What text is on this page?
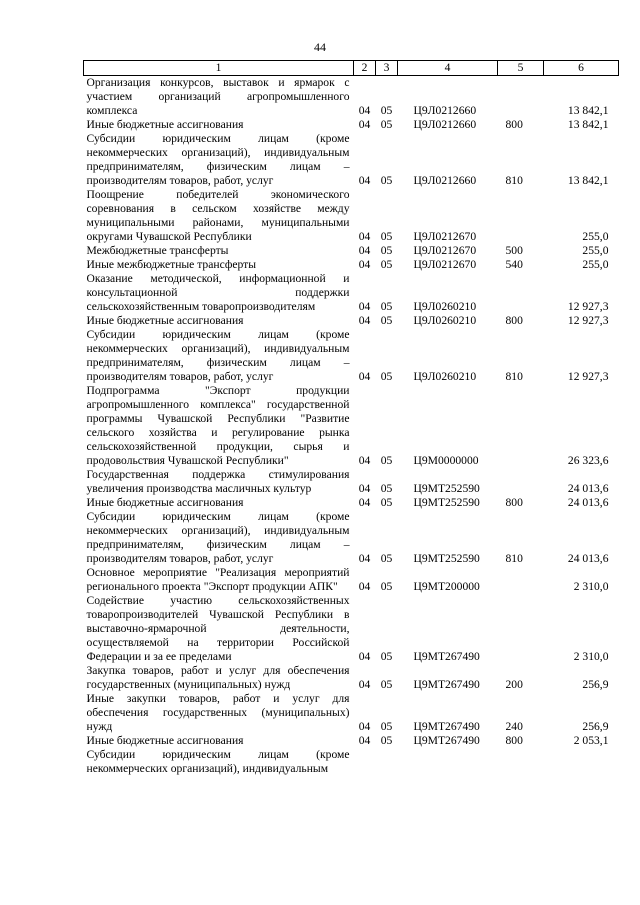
44
1	2	3	4	5	6
Организация конкурсов, выставок и ярмарок с участием организаций агропромышленного комплекса	04	05	Ц9Л0212660		13 842,1
Иные бюджетные ассигнования	04	05	Ц9Л0212660	800	13 842,1
Субсидии юридическим лицам (кроме некоммерческих организаций), индивидуальным предпринимателям, физическим лицам – производителям товаров, работ, услуг	04	05	Ц9Л0212660	810	13 842,1
Поощрение победителей экономического соревнования в сельском хозяйстве между муниципальными районами, муниципальными округами Чувашской Республики	04	05	Ц9Л0212670		255,0
Межбюджетные трансферты	04	05	Ц9Л0212670	500	255,0
Иные межбюджетные трансферты	04	05	Ц9Л0212670	540	255,0
Оказание методической, информационной и консультационной поддержки сельскохозяйственным товаропроизводителям	04	05	Ц9Л0260210		12 927,3
Иные бюджетные ассигнования	04	05	Ц9Л0260210	800	12 927,3
Субсидии юридическим лицам (кроме некоммерческих организаций), индивидуальным предпринимателям, физическим лицам – производителям товаров, работ, услуг	04	05	Ц9Л0260210	810	12 927,3
Подпрограмма "Экспорт продукции агропромышленного комплекса" государственной программы Чувашской Республики "Развитие сельского хозяйства и регулирование рынка сельскохозяйственной продукции, сырья и продовольствия Чувашской Республики"	04	05	Ц9М0000000		26 323,6
Государственная поддержка стимулирования увеличения производства масличных культур	04	05	Ц9МТ252590		24 013,6
Иные бюджетные ассигнования	04	05	Ц9МТ252590	800	24 013,6
Субсидии юридическим лицам (кроме некоммерческих организаций), индивидуальным предпринимателям, физическим лицам – производителям товаров, работ, услуг	04	05	Ц9МТ252590	810	24 013,6
Основное мероприятие "Реализация мероприятий регионального проекта "Экспорт продукции АПК"	04	05	Ц9МТ200000		2 310,0
Содействие участию сельскохозяйственных товаропроизводителей Чувашской Республики в выставочно-ярмарочной деятельности, осуществляемой на территории Российской Федерации и за ее пределами	04	05	Ц9МТ267490		2 310,0
Закупка товаров, работ и услуг для обеспечения государственных (муниципальных) нужд	04	05	Ц9МТ267490	200	256,9
Иные закупки товаров, работ и услуг для обеспечения государственных (муниципальных) нужд	04	05	Ц9МТ267490	240	256,9
Иные бюджетные ассигнования	04	05	Ц9МТ267490	800	2 053,1
Субсидии юридическим лицам (кроме некоммерческих организаций), индивидуальным					
